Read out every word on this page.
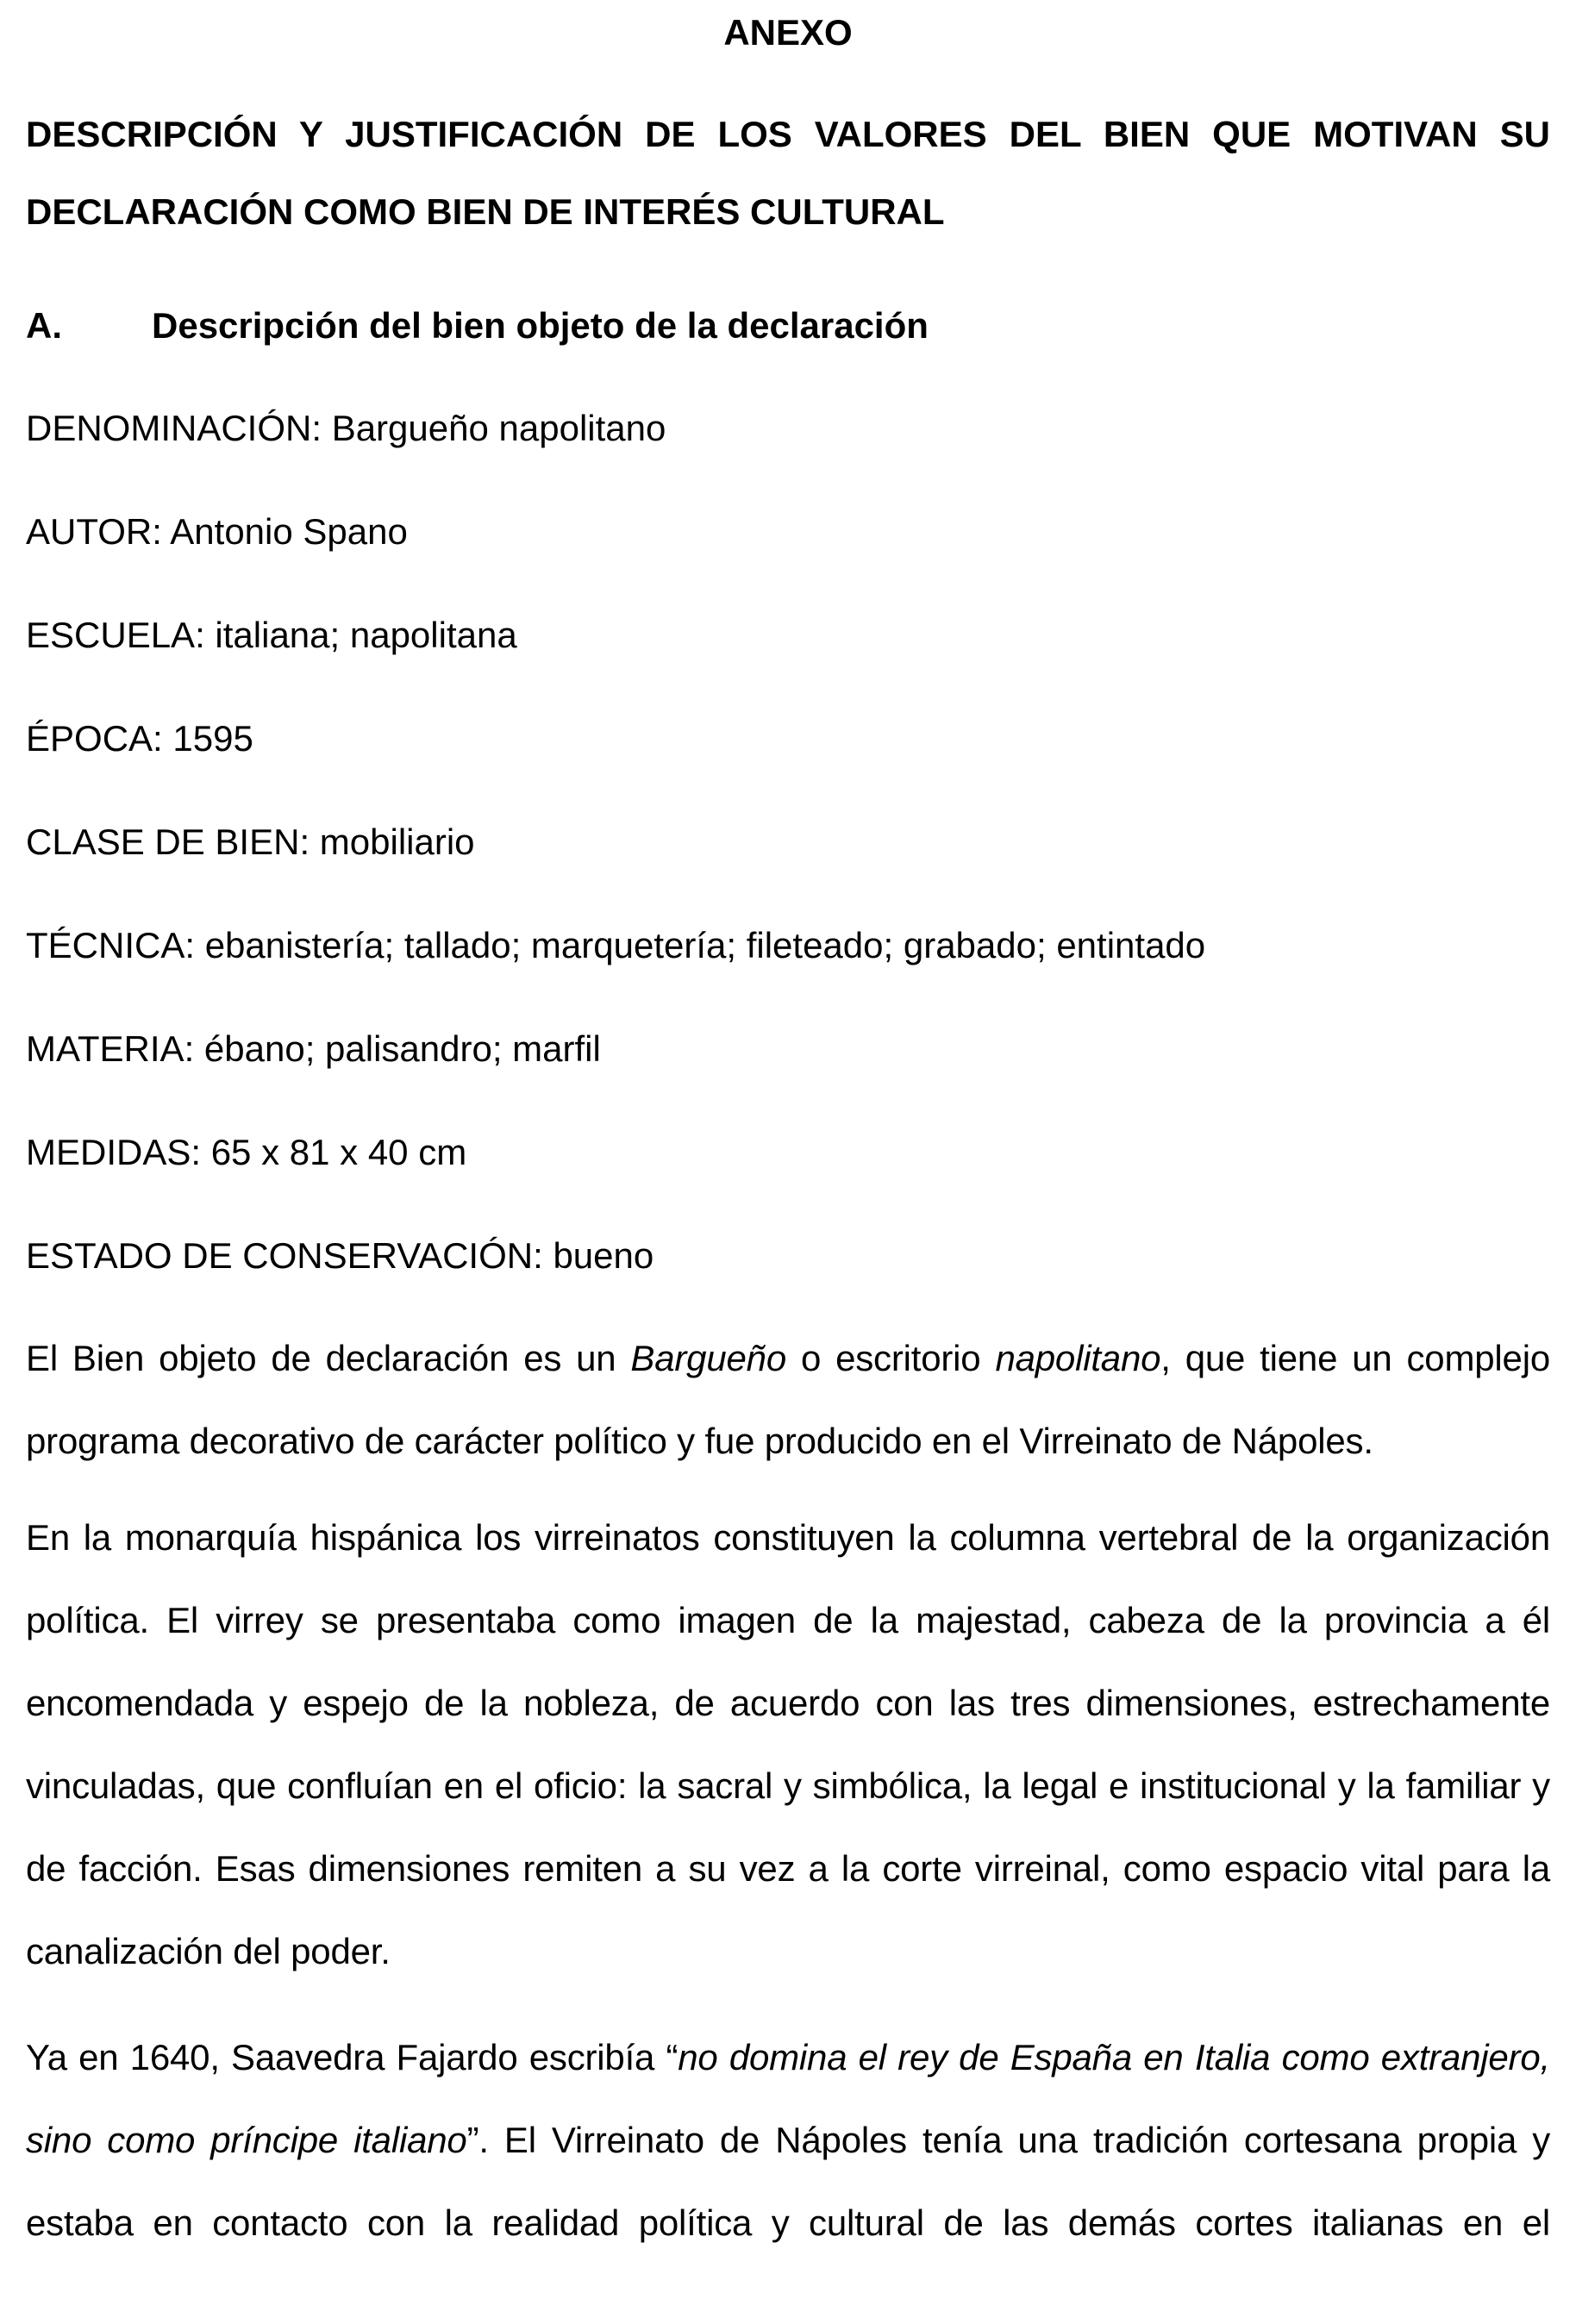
ANEXO
DESCRIPCIÓN Y JUSTIFICACIÓN DE LOS VALORES DEL BIEN QUE MOTIVAN SU
DECLARACIÓN COMO BIEN DE INTERÉS CULTURAL
A. Descripción del bien objeto de la declaración
DENOMINACIÓN: Bargueño napolitano
AUTOR: Antonio Spano
ESCUELA: italiana; napolitana
ÉPOCA: 1595
CLASE DE BIEN: mobiliario
TÉCNICA: ebanistería; tallado; marquetería; fileteado; grabado; entintado
MATERIA: ébano; palisandro; marfil
MEDIDAS: 65 x 81 x 40 cm
ESTADO DE CONSERVACIÓN: bueno
El Bien objeto de declaración es un Bargueño o escritorio napolitano, que tiene un complejo
programa decorativo de carácter político y fue producido en el Virreinato de Nápoles.
En la monarquía hispánica los virreinatos constituyen la columna vertebral de la organización
política. El virrey se presentaba como imagen de la majestad, cabeza de la provincia a él
encomendada y espejo de la nobleza, de acuerdo con las tres dimensiones, estrechamente
vinculadas, que confluían en el oficio: la sacral y simbólica, la legal e institucional y la familiar y
de facción. Esas dimensiones remiten a su vez a la corte virreinal, como espacio vital para la
canalización del poder.
Ya en 1640, Saavedra Fajardo escribía “no domina el rey de España en Italia como extranjero,
sino como príncipe italiano”. El Virreinato de Nápoles tenía una tradición cortesana propia y
estaba en contacto con la realidad política y cultural de las demás cortes italianas en el
